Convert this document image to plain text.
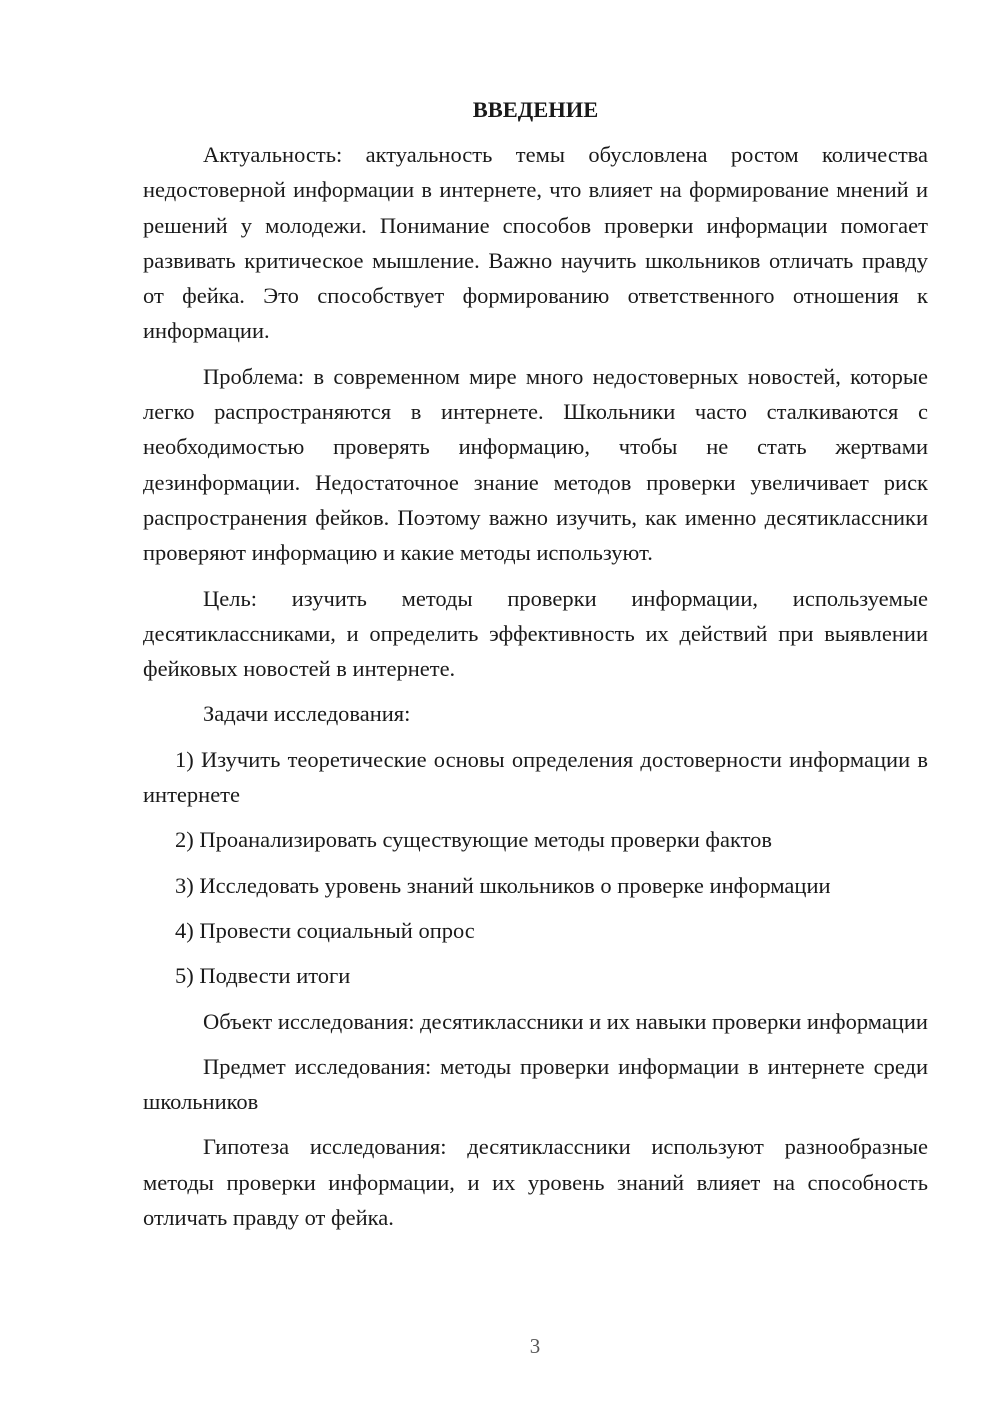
ВВЕДЕНИЕ

Актуальность: актуальность темы обусловлена ростом количества недостоверной информации в интернете, что влияет на формирование мнений и решений у молодежи. Понимание способов проверки информации помогает развивать критическое мышление. Важно научить школьников отличать правду от фейка. Это способствует формированию ответственного отношения к информации.

Проблема: в современном мире много недостоверных новостей, которые легко распространяются в интернете. Школьники часто сталкиваются с необходимостью проверять информацию, чтобы не стать жертвами дезинформации. Недостаточное знание методов проверки увеличивает риск распространения фейков. Поэтому важно изучить, как именно десятиклассники проверяют информацию и какие методы используют.

Цель: изучить методы проверки информации, используемые десятиклассниками, и определить эффективность их действий при выявлении фейковых новостей в интернете.

Задачи исследования:

1) Изучить теоретические основы определения достоверности информации в интернете

2) Проанализировать существующие методы проверки фактов

3) Исследовать уровень знаний школьников о проверке информации

4) Провести социальный опрос

5) Подвести итоги

Объект исследования: десятиклассники и их навыки проверки информации

Предмет исследования: методы проверки информации в интернете среди школьников

Гипотеза исследования: десятиклассники используют разнообразные методы проверки информации, и их уровень знаний влияет на способность отличать правду от фейка.

3
